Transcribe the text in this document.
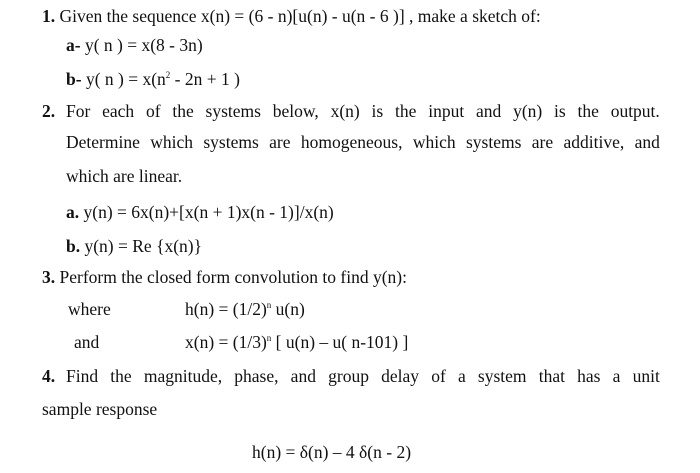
1. Given the sequence x(n) = (6 - n)[u(n) - u(n - 6 )] , make a sketch of:
a- y( n ) = x(8 - 3n)
b- y( n ) = $x(n^2 - 2n + 1$ )
2. For each of the systems below, x(n) is the input and y(n) is the output.
Determine which systems are homogeneous, which systems are additive, and
which are linear.
a. y(n) = 6x(n)+[x(n + 1)x(n - 1)]/x(n)
b. y(n) = Re {x(n)}
3. Perform the closed form convolution to find y(n):
where	$h(n) = (1/2)^n$ u(n)
and	$x(n) = (1/3)^n$ [ u(n) – u( n-101) ]
4. Find the magnitude, phase, and group delay of a system that has a unit
sample response
h(n) = δ(n) – 4 δ(n - 2)
